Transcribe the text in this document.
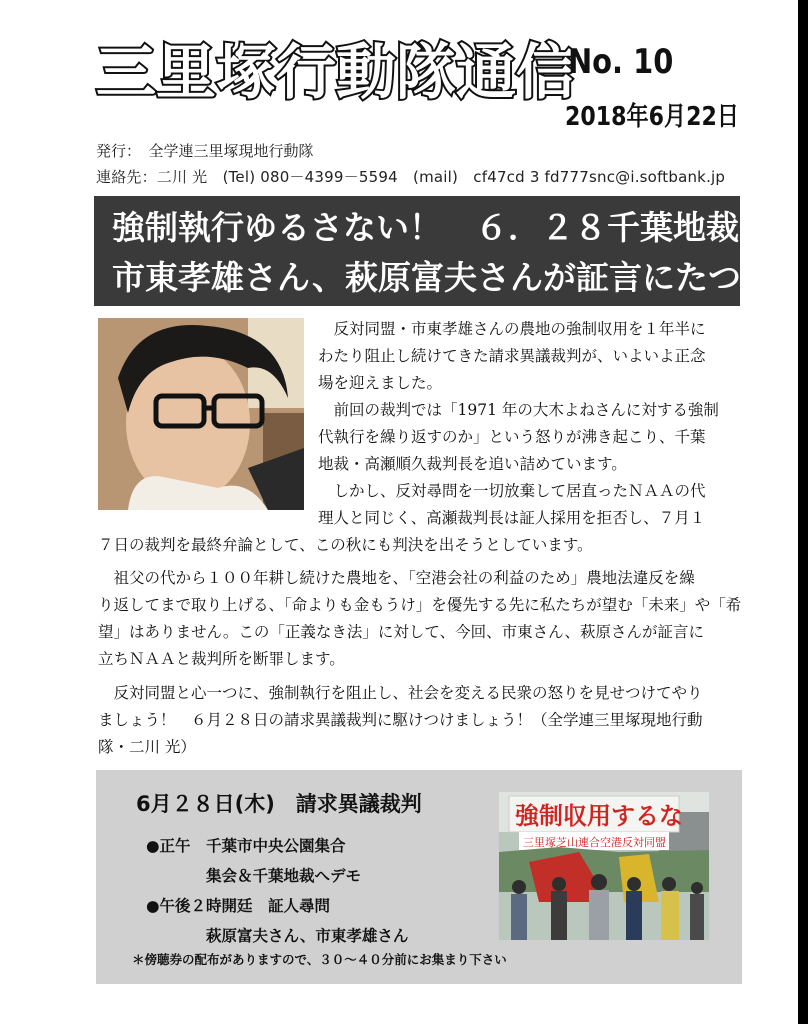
三里塚行動隊通信
No. 10
2018年6月22日
発行：　全学連三里塚現地行動隊
連絡先：二川 光　(Tel) 080－4399－5594　(mail)　cf47cd 3 fd777snc@i.softbank.jp
強制執行ゆるさない！　６．２８千葉地裁へ！
市東孝雄さん、萩原富夫さんが証言にたつ！
　反対同盟・市東孝雄さんの農地の強制収用を１年半に
わたり阻止し続けてきた請求異議裁判が、いよいよ正念
場を迎えました。
　前回の裁判では「1971 年の大木よねさんに対する強制
代執行を繰り返すのか」という怒りが沸き起こり、千葉
地裁・高瀬順久裁判長を追い詰めています。
　しかし、反対尋問を一切放棄して居直ったＮＡＡの代
理人と同じく、高瀬裁判長は証人採用を拒否し、７月１
７日の裁判を最終弁論として、この秋にも判決を出そうとしています。
　祖父の代から１００年耕し続けた農地を、「空港会社の利益のため」農地法違反を繰
り返してまで取り上げる、「命よりも金もうけ」を優先する先に私たちが望む「未来」や「希
望」はありません。この「正義なき法」に対して、今回、市東さん、萩原さんが証言に
立ちＮＡＡと裁判所を断罪します。
　反対同盟と心一つに、強制執行を阻止し、社会を変える民衆の怒りを見せつけてやり
ましょう！　６月２８日の請求異議裁判に駆けつけましょう！（全学連三里塚現地行動
隊・二川 光）
6月２８日(木)　請求異議裁判
●正午　千葉市中央公園集合
集会＆千葉地裁へデモ
●午後２時開廷　証人尋問
萩原富夫さん、市東孝雄さん
＊傍聴券の配布がありますので、３０～４０分前にお集まり下さい
強制収用するな
三里塚芝山連合空港反対同盟
